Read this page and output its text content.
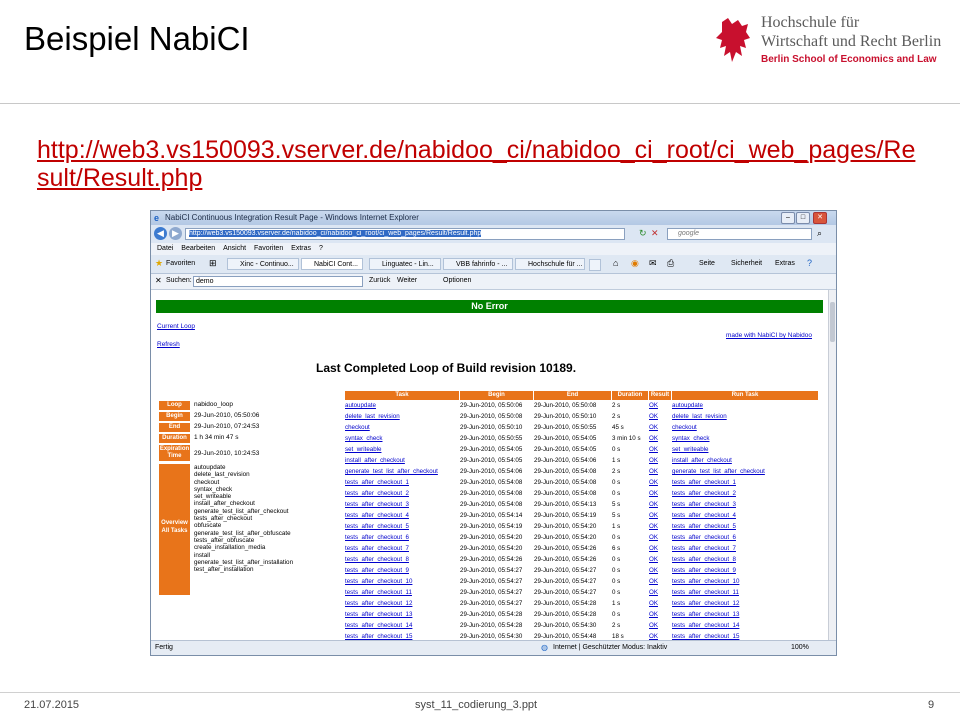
Beispiel NabiCI	Hochschule für
Wirtschaft und Recht Berlin
Berlin School of Economics and Law
http://web3.vs150093.vserver.de/nabidoo_ci/nabidoo_ci_root/ci_web_pages/Result/Result.php
e NabiCI Continuous Integration Result Page - Windows Internet Explorer	–	□	✕
◀ ▶	http://web3.vs150093.vserver.de/nabidoo_ci/nabidoo_ci_root/ci_web_pages/Result/Result.php	↻ ✕	google	⌕
Datei Bearbeiten Ansicht Favoriten Extras ?
★ Favoriten ⊞	Xinc - Continuo...	NabiCI Cont...	Linguatec - Lin...	VBB fahrinfo - ...	Hochschule für ...	⌂ ◉ ✉ ⎙	Seite Sicherheit Extras ?
✕ Suchen: demo	Zurück Weiter	Optionen
No Error
Current Loop
Refresh
made with NabiCI by Nabidoo
Last Completed Loop of Build revision 10189.
Loop	nabidoo_loop
Begin	29-Jun-2010, 05:50:06
End	29-Jun-2010, 07:24:53
Duration	1 h 34 min 47 s
Expiration Time	29-Jun-2010, 10:24:53
Overview All Tasks
autoupdate
delete_last_revision
checkout
syntax_check
set_writeable
install_after_checkout
generate_test_list_after_checkout
tests_after_checkout
obfuscate
generate_test_list_after_obfuscate
tests_after_obfuscate
create_installation_media
install
generate_test_list_after_installation
test_after_installation
Task	Begin	End	Duration	Result	Run Task
autoupdate	29-Jun-2010, 05:50:06 29-Jun-2010, 05:50:08	2 s	OK autoupdate
delete_last_revision	29-Jun-2010, 05:50:08 29-Jun-2010, 05:50:10	2 s	OK delete_last_revision
checkout	29-Jun-2010, 05:50:10 29-Jun-2010, 05:50:55	45 s	OK checkout
syntax_check	29-Jun-2010, 05:50:55 29-Jun-2010, 05:54:05	3 min 10 s OK syntax_check
set_writeable	29-Jun-2010, 05:54:05 29-Jun-2010, 05:54:05	0 s	OK set_writeable
install_after_checkout	29-Jun-2010, 05:54:05 29-Jun-2010, 05:54:06	1 s	OK install_after_checkout
generate_test_list_after_checkout	29-Jun-2010, 05:54:06 29-Jun-2010, 05:54:08	2 s	OK generate_test_list_after_checkout
tests_after_checkout_1	29-Jun-2010, 05:54:08 29-Jun-2010, 05:54:08	0 s	OK tests_after_checkout_1
tests_after_checkout_2	29-Jun-2010, 05:54:08 29-Jun-2010, 05:54:08	0 s	OK tests_after_checkout_2
tests_after_checkout_3	29-Jun-2010, 05:54:08 29-Jun-2010, 05:54:13	5 s	OK tests_after_checkout_3
tests_after_checkout_4	29-Jun-2010, 05:54:14 29-Jun-2010, 05:54:19	5 s	OK tests_after_checkout_4
tests_after_checkout_5	29-Jun-2010, 05:54:19 29-Jun-2010, 05:54:20	1 s	OK tests_after_checkout_5
tests_after_checkout_6	29-Jun-2010, 05:54:20 29-Jun-2010, 05:54:20	0 s	OK tests_after_checkout_6
tests_after_checkout_7	29-Jun-2010, 05:54:20 29-Jun-2010, 05:54:26	6 s	OK tests_after_checkout_7
tests_after_checkout_8	29-Jun-2010, 05:54:26 29-Jun-2010, 05:54:26	0 s	OK tests_after_checkout_8
tests_after_checkout_9	29-Jun-2010, 05:54:27 29-Jun-2010, 05:54:27	0 s	OK tests_after_checkout_9
tests_after_checkout_10	29-Jun-2010, 05:54:27 29-Jun-2010, 05:54:27	0 s	OK tests_after_checkout_10
tests_after_checkout_11	29-Jun-2010, 05:54:27 29-Jun-2010, 05:54:27	0 s	OK tests_after_checkout_11
tests_after_checkout_12	29-Jun-2010, 05:54:27 29-Jun-2010, 05:54:28	1 s	OK tests_after_checkout_12
tests_after_checkout_13	29-Jun-2010, 05:54:28 29-Jun-2010, 05:54:28	0 s	OK tests_after_checkout_13
tests_after_checkout_14	29-Jun-2010, 05:54:28 29-Jun-2010, 05:54:30	2 s	OK tests_after_checkout_14
tests_after_checkout_15	29-Jun-2010, 05:54:30 29-Jun-2010, 05:54:48	18 s	OK tests_after_checkout_15
Fertig	◍ Internet | Geschützter Modus: Inaktiv	100%
21.07.2015	syst_11_codierung_3.ppt	9
